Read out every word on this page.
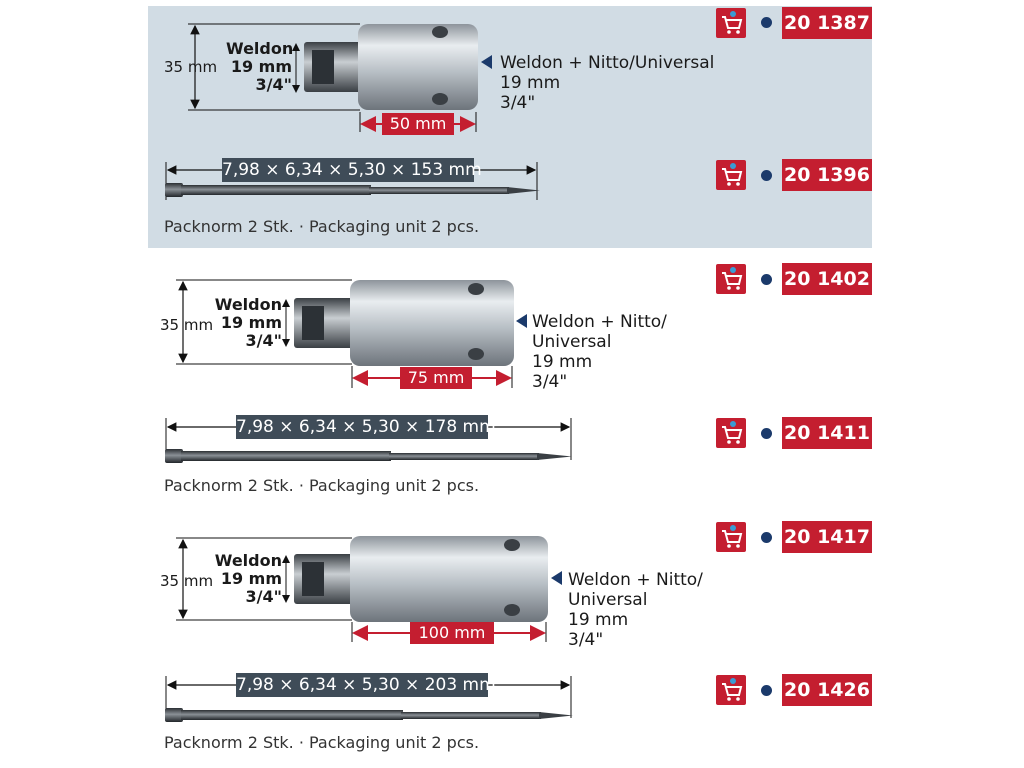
35 mm
Weldon
19 mm
3/4"
50 mm
Weldon + Nitto/Universal
19 mm
3/4"
7,98 × 6,34 × 5,30 × 153 mm
Packnorm 2 Stk. · Packaging unit 2 pcs.
35 mm
Weldon
19 mm
3/4"
75 mm
Weldon + Nitto/
Universal
19 mm
3/4"
7,98 × 6,34 × 5,30 × 178 mm
Packnorm 2 Stk. · Packaging unit 2 pcs.
35 mm
Weldon
19 mm
3/4"
100 mm
Weldon + Nitto/
Universal
19 mm
3/4"
7,98 × 6,34 × 5,30 × 203 mm
Packnorm 2 Stk. · Packaging unit 2 pcs.
20 1387
20 1396
20 1402
20 1411
20 1417
20 1426
